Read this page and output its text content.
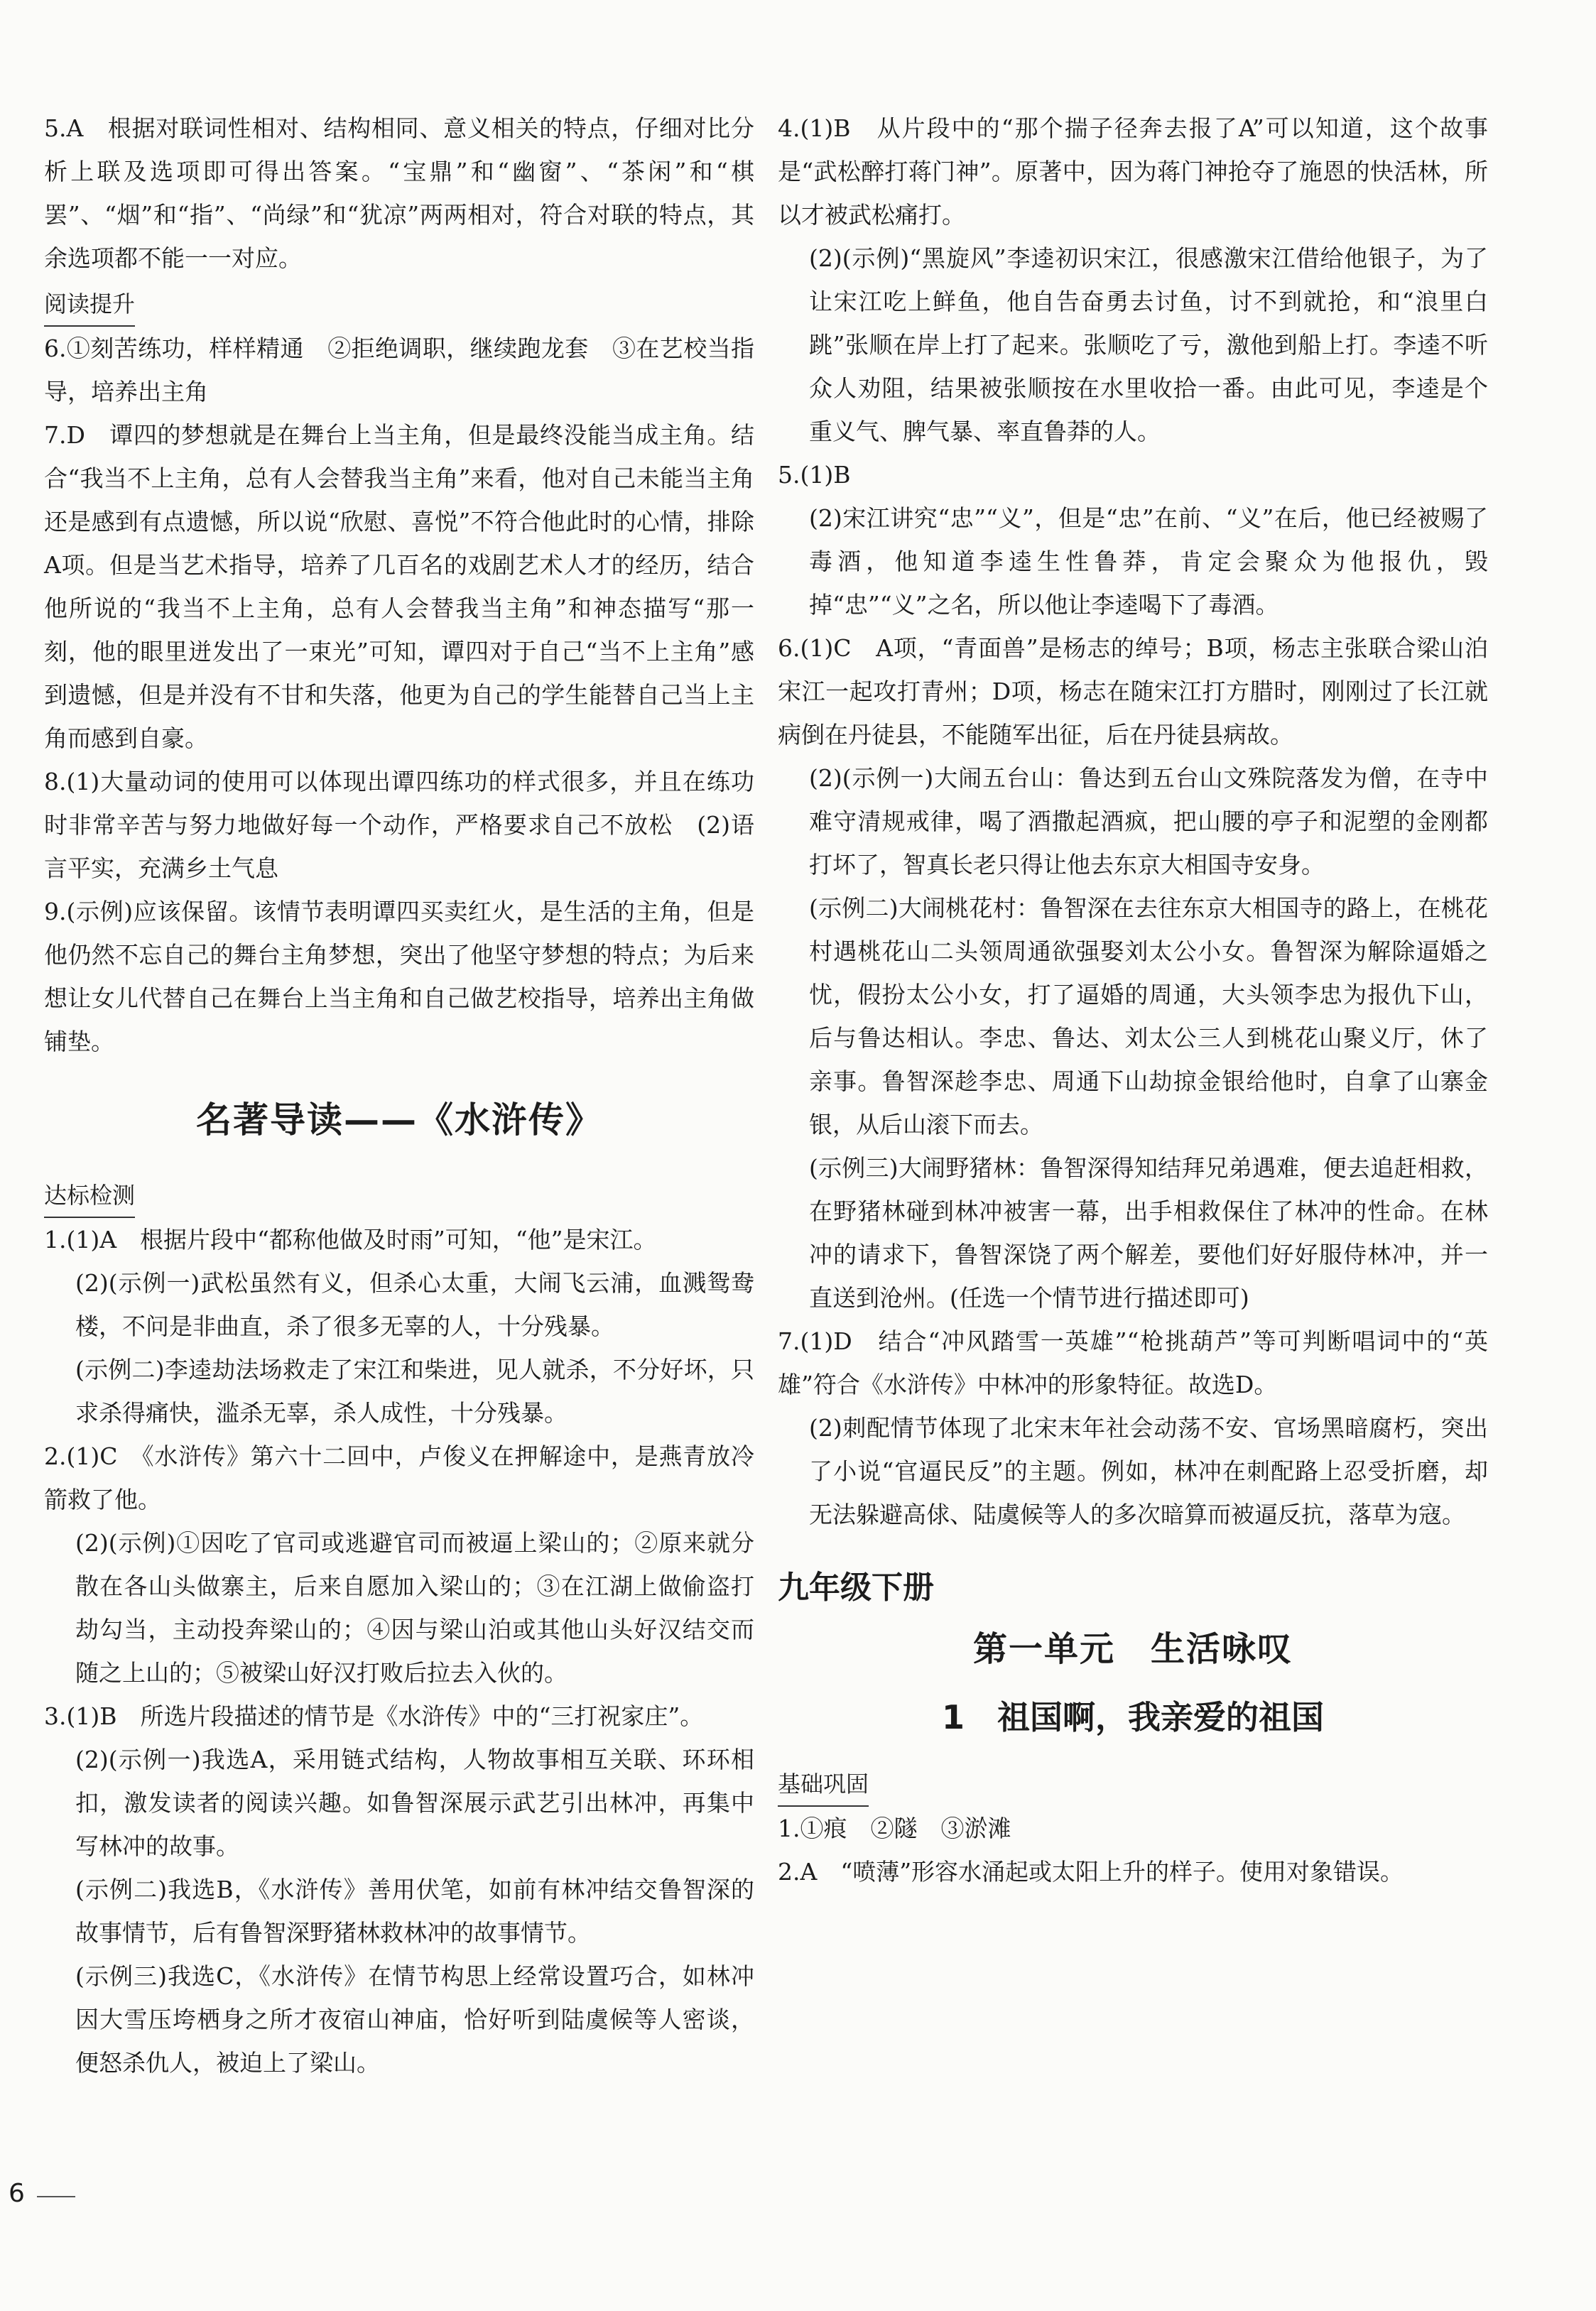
5.A　根据对联词性相对、结构相同、意义相关的特点，仔细对比分析上联及选项即可得出答案。“宝鼎”和“幽窗”、“茶闲”和“棋罢”、“烟”和“指”、“尚绿”和“犹凉”两两相对，符合对联的特点，其余选项都不能一一对应。

阅读提升

6.①刻苦练功，样样精通　②拒绝调职，继续跑龙套　③在艺校当指导，培养出主角

7.D　谭四的梦想就是在舞台上当主角，但是最终没能当成主角。结合“我当不上主角，总有人会替我当主角”来看，他对自己未能当主角还是感到有点遗憾，所以说“欣慰、喜悦”不符合他此时的心情，排除A项。但是当艺术指导，培养了几百名的戏剧艺术人才的经历，结合他所说的“我当不上主角，总有人会替我当主角”和神态描写“那一刻，他的眼里迸发出了一束光”可知，谭四对于自己“当不上主角”感到遗憾，但是并没有不甘和失落，他更为自己的学生能替自己当上主角而感到自豪。

8.(1)大量动词的使用可以体现出谭四练功的样式很多，并且在练功时非常辛苦与努力地做好每一个动作，严格要求自己不放松　(2)语言平实，充满乡土气息

9.(示例)应该保留。该情节表明谭四买卖红火，是生活的主角，但是他仍然不忘自己的舞台主角梦想，突出了他坚守梦想的特点；为后来想让女儿代替自己在舞台上当主角和自己做艺校指导，培养出主角做铺垫。

名著导读——《水浒传》
达标检测

1.(1)A　根据片段中“都称他做及时雨”可知，“他”是宋江。

(2)(示例一)武松虽然有义，但杀心太重，大闹飞云浦，血溅鸳鸯楼，不问是非曲直，杀了很多无辜的人，十分残暴。

(示例二)李逵劫法场救走了宋江和柴进，见人就杀，不分好坏，只求杀得痛快，滥杀无辜，杀人成性，十分残暴。

2.(1)C　《水浒传》第六十二回中，卢俊义在押解途中，是燕青放冷箭救了他。

(2)(示例)①因吃了官司或逃避官司而被逼上梁山的；②原来就分散在各山头做寨主，后来自愿加入梁山的；③在江湖上做偷盗打劫勾当，主动投奔梁山的；④因与梁山泊或其他山头好汉结交而随之上山的；⑤被梁山好汉打败后拉去入伙的。

3.(1)B　所选片段描述的情节是《水浒传》中的“三打祝家庄”。

(2)(示例一)我选A，采用链式结构，人物故事相互关联、环环相扣，激发读者的阅读兴趣。如鲁智深展示武艺引出林冲，再集中写林冲的故事。

(示例二)我选B，《水浒传》善用伏笔，如前有林冲结交鲁智深的故事情节，后有鲁智深野猪林救林冲的故事情节。

(示例三)我选C，《水浒传》在情节构思上经常设置巧合，如林冲因大雪压垮栖身之所才夜宿山神庙，恰好听到陆虞候等人密谈，便怒杀仇人，被迫上了梁山。

4.(1)B　从片段中的“那个揣子径奔去报了A”可以知道，这个故事是“武松醉打蒋门神”。原著中，因为蒋门神抢夺了施恩的快活林，所以才被武松痛打。

(2)(示例)“黑旋风”李逵初识宋江，很感激宋江借给他银子，为了让宋江吃上鲜鱼，他自告奋勇去讨鱼，讨不到就抢，和“浪里白跳”张顺在岸上打了起来。张顺吃了亏，激他到船上打。李逵不听众人劝阻，结果被张顺按在水里收拾一番。由此可见，李逵是个重义气、脾气暴、率直鲁莽的人。

5.(1)B

(2)宋江讲究“忠”“义”，但是“忠”在前、“义”在后，他已经被赐了毒酒，他知道李逵生性鲁莽，肯定会聚众为他报仇，毁掉“忠”“义”之名，所以他让李逵喝下了毒酒。

6.(1)C　A项，“青面兽”是杨志的绰号；B项，杨志主张联合梁山泊宋江一起攻打青州；D项，杨志在随宋江打方腊时，刚刚过了长江就病倒在丹徒县，不能随军出征，后在丹徒县病故。

(2)(示例一)大闹五台山：鲁达到五台山文殊院落发为僧，在寺中难守清规戒律，喝了酒撒起酒疯，把山腰的亭子和泥塑的金刚都打坏了，智真长老只得让他去东京大相国寺安身。

(示例二)大闹桃花村：鲁智深在去往东京大相国寺的路上，在桃花村遇桃花山二头领周通欲强娶刘太公小女。鲁智深为解除逼婚之忧，假扮太公小女，打了逼婚的周通，大头领李忠为报仇下山，后与鲁达相认。李忠、鲁达、刘太公三人到桃花山聚义厅，休了亲事。鲁智深趁李忠、周通下山劫掠金银给他时，自拿了山寨金银，从后山滚下而去。

(示例三)大闹野猪林：鲁智深得知结拜兄弟遇难，便去追赶相救，在野猪林碰到林冲被害一幕，出手相救保住了林冲的性命。在林冲的请求下，鲁智深饶了两个解差，要他们好好服侍林冲，并一直送到沧州。(任选一个情节进行描述即可)

7.(1)D　结合“冲风踏雪一英雄”“枪挑葫芦”等可判断唱词中的“英雄”符合《水浒传》中林冲的形象特征。故选D。

(2)刺配情节体现了北宋末年社会动荡不安、官场黑暗腐朽，突出了小说“官逼民反”的主题。例如，林冲在刺配路上忍受折磨，却无法躲避高俅、陆虞候等人的多次暗算而被逼反抗，落草为寇。

九年级下册
第一单元　生活咏叹
1　祖国啊，我亲爱的祖国
基础巩固

1.①痕　②隧　③淤滩

2.A　“喷薄”形容水涌起或太阳上升的样子。使用对象错误。

6
